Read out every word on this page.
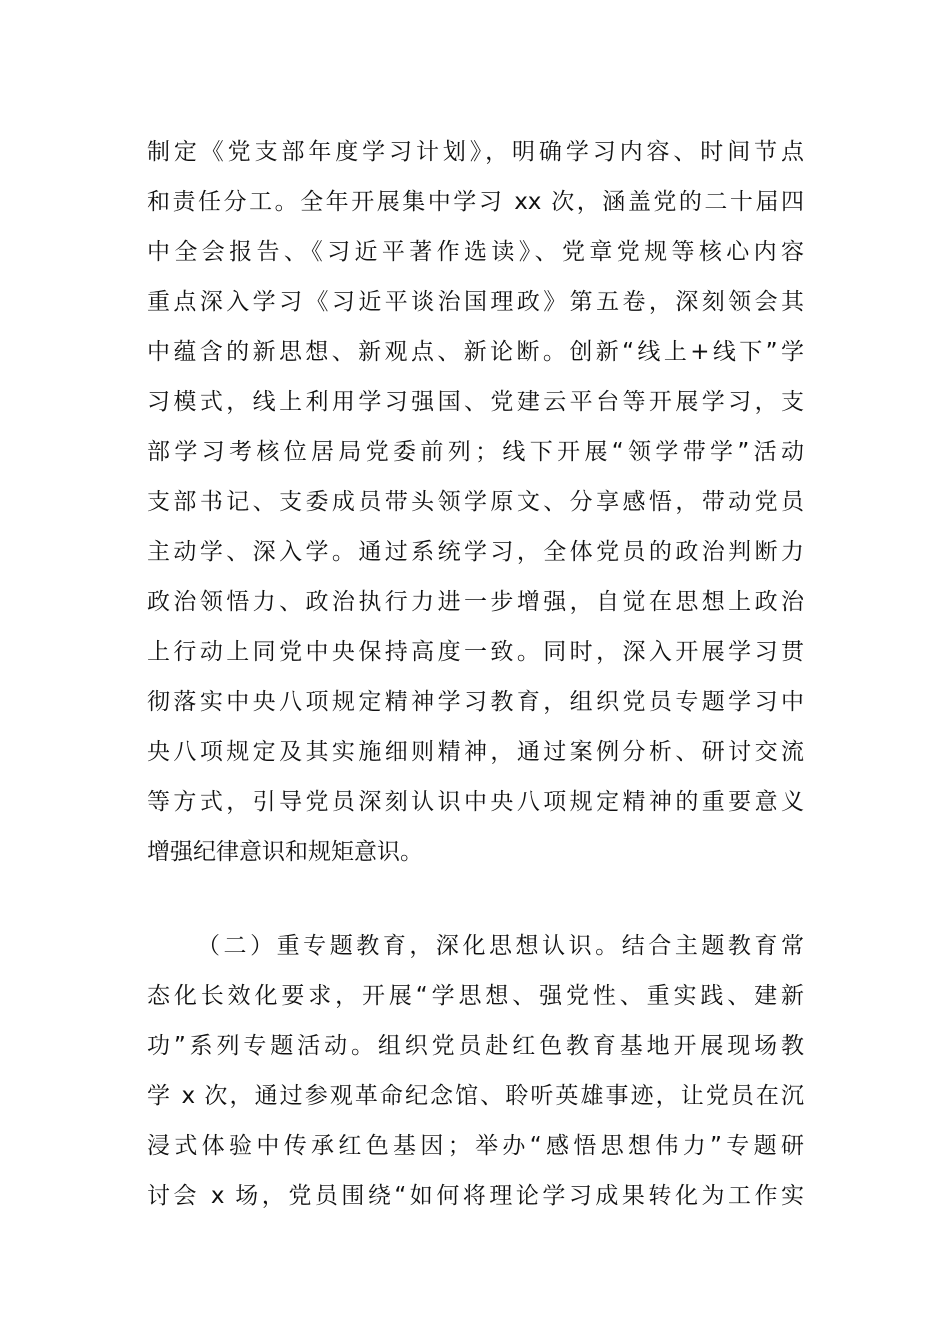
制定《党支部年度学习计划》，明确学习内容、时间节点
和责任分工。全年开展集中学习 xx 次，涵盖党的二十届四
中全会报告、《习近平著作选读》、党章党规等核心内容
重点深入学习《习近平谈治国理政》第五卷，深刻领会其
中蕴含的新思想、新观点、新论断。创新“线上+线下”学
习模式，线上利用学习强国、党建云平台等开展学习，支
部学习考核位居局党委前列；线下开展“领学带学”活动
支部书记、支委成员带头领学原文、分享感悟，带动党员
主动学、深入学。通过系统学习，全体党员的政治判断力
政治领悟力、政治执行力进一步增强，自觉在思想上政治
上行动上同党中央保持高度一致。同时，深入开展学习贯
彻落实中央八项规定精神学习教育，组织党员专题学习中
央八项规定及其实施细则精神，通过案例分析、研讨交流
等方式，引导党员深刻认识中央八项规定精神的重要意义
增强纪律意识和规矩意识。
（二）重专题教育，深化思想认识。结合主题教育常
态化长效化要求，开展“学思想、强党性、重实践、建新
功”系列专题活动。组织党员赴红色教育基地开展现场教
学 x 次，通过参观革命纪念馆、聆听英雄事迹，让党员在沉
浸式体验中传承红色基因；举办“感悟思想伟力”专题研
讨会 x 场，党员围绕“如何将理论学习成果转化为工作实
